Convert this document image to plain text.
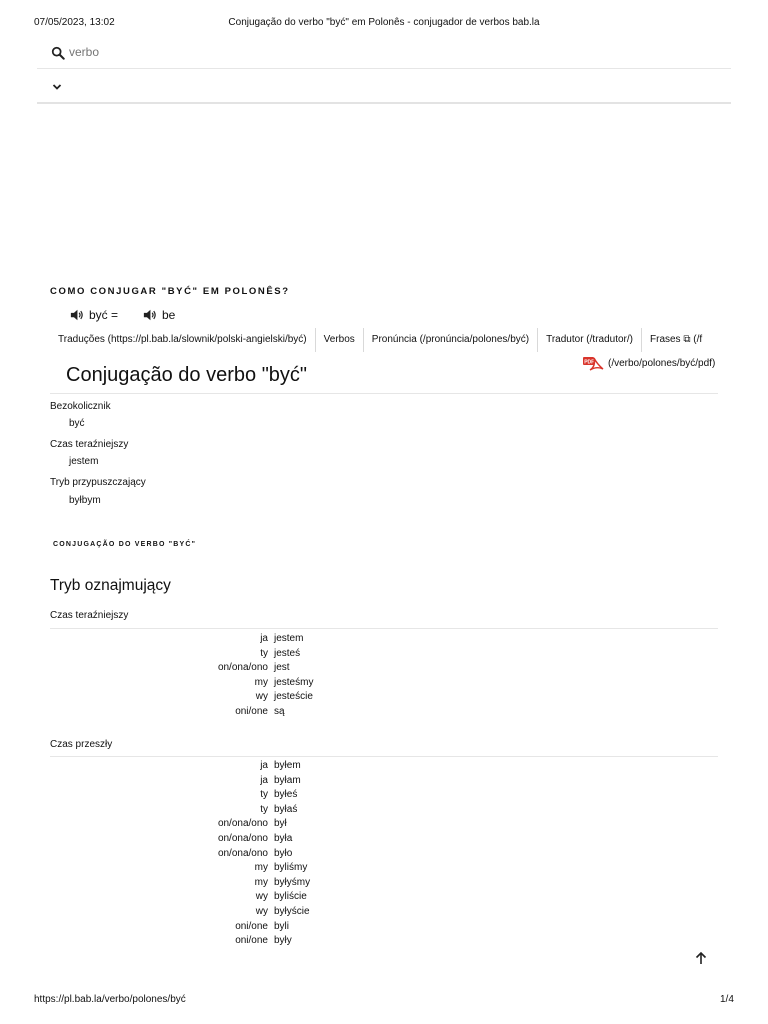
07/05/2023, 13:02	Conjugação do verbo "być" em Polonês - conjugador de verbos bab.la
verbo
COMO CONJUGAR "BYĆ" EM POLONÊS?
być =	be
Traduções (https://pl.bab.la/slownik/polski-angielski/być)	Verbos	Pronúncia (/pronúncia/polones/być)	Tradutor (/tradutor/)	Frases ⧉ (/f
PDF (/verbo/polones/być/pdf)
Conjugação do verbo "być"
Bezokolicznik
być
Czas teraźniejszy
jestem
Tryb przypuszczający
byłbym
CONJUGAÇÃO DO VERBO "BYĆ"
Tryb oznajmujący
Czas teraźniejszy
ja jestem
ty jesteś
on/ona/ono jest
my jesteśmy
wy jesteście
oni/one są
Czas przeszły
ja byłem
ja byłam
ty byłeś
ty byłaś
on/ona/ono był
on/ona/ono była
on/ona/ono było
my byliśmy
my byłyśmy
wy byliście
wy byłyście
oni/one byli
oni/one były
https://pl.bab.la/verbo/polones/być	1/4
